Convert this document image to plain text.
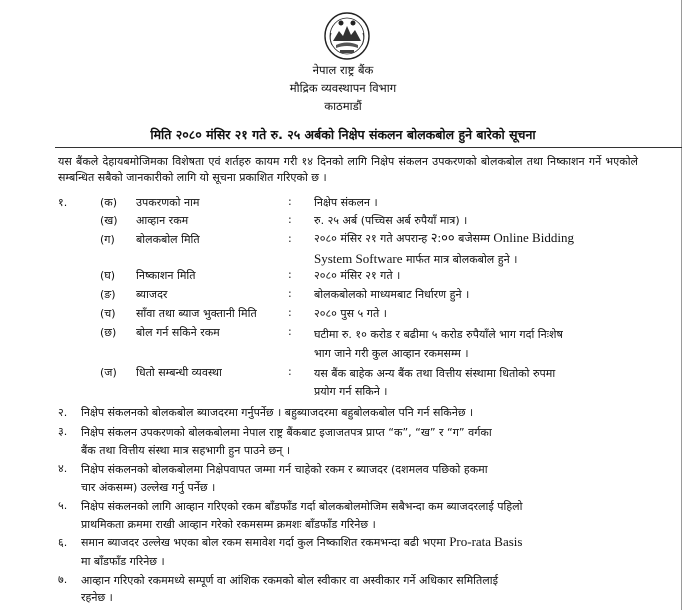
नेपाल राष्ट्र बैंक
मौद्रिक व्यवस्थापन विभाग
काठमाडौं
मिति २०८० मंसिर २१ गते रु. २५ अर्बको निक्षेप संकलन बोलकबोल हुने बारेको सूचना
यस बैंकले देहायबमोजिमका विशेषता एवं शर्तहरु कायम गरी १४ दिनको लागि निक्षेप संकलन उपकरणको बोलकबोल तथा निष्काशन गर्ने भएकोले सम्बन्धित सबैको जानकारीको लागि यो सूचना प्रकाशित गरिएको छ ।
१.	(क) उपकरणको नाम	: निक्षेप संकलन ।
(ख) आव्हान रकम	: रु. २५ अर्ब (पच्चिस अर्ब रुपैयाँ मात्र) ।
(ग) बोलकबोल मिति	: २०८० मंसिर २१ गते अपरान्ह २:०० बजेसम्म Online Bidding
System Software मार्फत मात्र बोलकबोल हुने ।
(घ) निष्काशन मिति	: २०८० मंसिर २१ गते ।
(ङ) ब्याजदर	: बोलकबोलको माध्यमबाट निर्धारण हुने ।
(च) साँवा तथा ब्याज भुक्तानी मिति	: २०८० पुस ५ गते ।
(छ) बोल गर्न सकिने रकम	: घटीमा रु. १० करोड र बढीमा ५ करोड रुपैयाँले भाग गर्दा निःशेष
भाग जाने गरी कुल आव्हान रकमसम्म ।
(ज) धितो सम्बन्धी व्यवस्था	: यस बैंक बाहेक अन्य बैंक तथा वित्तीय संस्थामा धितोको रुपमा
प्रयोग गर्न सकिने ।
२. निक्षेप संकलनको बोलकबोल ब्याजदरमा गर्नुपर्नेछ । बहुब्याजदरमा बहुबोलकबोल पनि गर्न सकिनेछ ।
३. निक्षेप संकलन उपकरणको बोलकबोलमा नेपाल राष्ट्र बैंकबाट इजाजतपत्र प्राप्त “क”, “ख” र “ग” वर्गका
बैंक तथा वित्तीय संस्था मात्र सहभागी हुन पाउने छन् ।
४. निक्षेप संकलनको बोलकबोलमा निक्षेपवापत जम्मा गर्न चाहेको रकम र ब्याजदर (दशमलव पछिको हकमा
चार अंकसम्म) उल्लेख गर्नु पर्नेछ ।
५. निक्षेप संकलनको लागि आव्हान गरिएको रकम बाँडफाँड गर्दा बोलकबोलमोजिम सबैभन्दा कम ब्याजदरलाई पहिलो
प्राथमिकता क्रममा राखी आव्हान गरेको रकमसम्म क्रमशः बाँडफाँड गरिनेछ ।
६. समान ब्याजदर उल्लेख भएका बोल रकम समावेश गर्दा कुल निष्काशित रकमभन्दा बढी भएमा Pro-rata Basis
मा बाँडफाँड गरिनेछ ।
७. आव्हान गरिएको रकममध्ये सम्पूर्ण वा आंशिक रकमको बोल स्वीकार वा अस्वीकार गर्ने अधिकार समितिलाई
रहनेछ ।
